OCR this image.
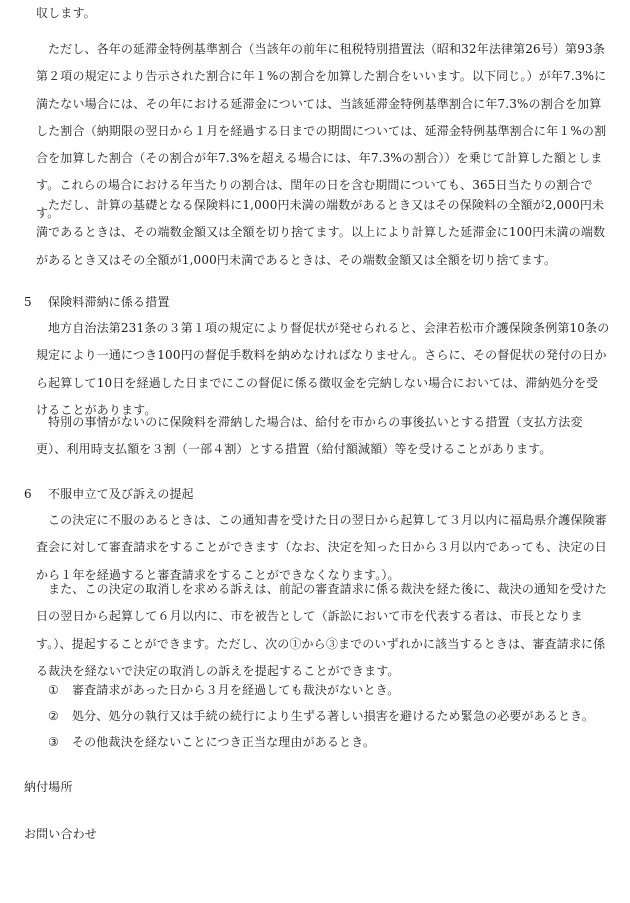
収します。

ただし、各年の延滞金特例基準割合（当該年の前年に租税特別措置法（昭和32年法律第26号）第93条第２項の規定により告示された割合に年１%の割合を加算した割合をいいます。以下同じ。）が年7.3%に満たない場合には、その年における延滞金については、当該延滞金特例基準割合に年7.3%の割合を加算した割合（納期限の翌日から１月を経過する日までの期間については、延滞金特例基準割合に年１%の割合を加算した割合（その割合が年7.3%を超える場合には、年7.3%の割合））を乗じて計算した額とします。これらの場合における年当たりの割合は、閏年の日を含む期間についても、365日当たりの割合です。

ただし、計算の基礎となる保険料に1,000円未満の端数があるとき又はその保険料の全額が2,000円未満であるときは、その端数金額又は全額を切り捨てます。以上により計算した延滞金に100円未満の端数があるとき又はその全額が1,000円未満であるときは、その端数金額又は全額を切り捨てます。

5 保険料滞納に係る措置

地方自治法第231条の３第１項の規定により督促状が発せられると、会津若松市介護保険条例第10条の規定により一通につき100円の督促手数料を納めなければなりません。さらに、その督促状の発付の日から起算して10日を経過した日までにこの督促に係る徴収金を完納しない場合においては、滞納処分を受けることがあります。

特別の事情がないのに保険料を滞納した場合は、給付を市からの事後払いとする措置（支払方法変更）、利用時支払額を３割（一部４割）とする措置（給付額減額）等を受けることがあります。

6 不服申立て及び訴えの提起

この決定に不服のあるときは、この通知書を受けた日の翌日から起算して３月以内に福島県介護保険審査会に対して審査請求をすることができます（なお、決定を知った日から３月以内であっても、決定の日から１年を経過すると審査請求をすることができなくなります。）。

また、この決定の取消しを求める訴えは、前記の審査請求に係る裁決を経た後に、裁決の通知を受けた日の翌日から起算して６月以内に、市を被告として（訴訟において市を代表する者は、市長となります。）、提起することができます。ただし、次の①から③までのいずれかに該当するときは、審査請求に係る裁決を経ないで決定の取消しの訴えを提起することができます。

① 審査請求があった日から３月を経過しても裁決がないとき。
② 処分、処分の執行又は手続の続行により生ずる著しい損害を避けるため緊急の必要があるとき。
③ その他裁決を経ないことにつき正当な理由があるとき。

納付場所

お問い合わせ
